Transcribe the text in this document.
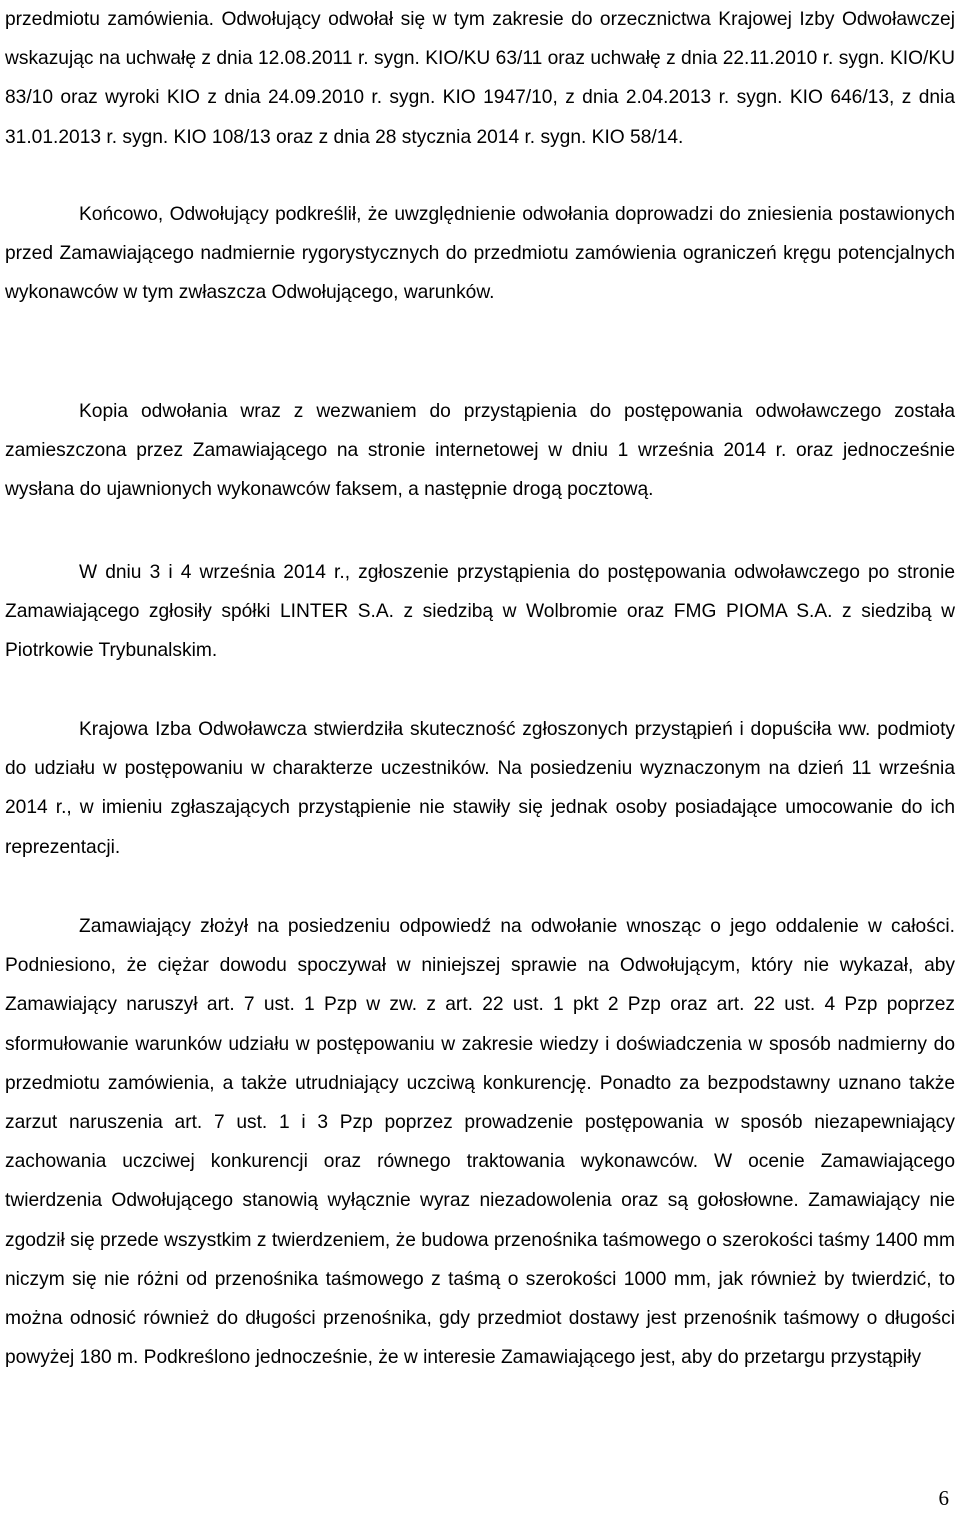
przedmiotu zamówienia. Odwołujący odwołał się w tym zakresie do orzecznictwa Krajowej Izby Odwoławczej wskazując na uchwałę z dnia 12.08.2011 r. sygn. KIO/KU 63/11 oraz uchwałę z dnia 22.11.2010 r. sygn. KIO/KU 83/10 oraz wyroki KIO z dnia 24.09.2010 r. sygn. KIO 1947/10, z dnia 2.04.2013 r. sygn. KIO 646/13, z dnia 31.01.2013 r. sygn. KIO 108/13 oraz z dnia 28 stycznia 2014 r. sygn. KIO 58/14.

Końcowo, Odwołujący podkreślił, że uwzględnienie odwołania doprowadzi do zniesienia postawionych przed Zamawiającego nadmiernie rygorystycznych do przedmiotu zamówienia ograniczeń kręgu potencjalnych wykonawców w tym zwłaszcza Odwołującego, warunków.

Kopia odwołania wraz z wezwaniem do przystąpienia do postępowania odwoławczego została zamieszczona przez Zamawiającego na stronie internetowej w dniu 1 września 2014 r. oraz jednocześnie wysłana do ujawnionych wykonawców faksem, a następnie drogą pocztową.

W dniu 3 i 4 września 2014 r., zgłoszenie przystąpienia do postępowania odwoławczego po stronie Zamawiającego zgłosiły spółki LINTER S.A. z siedzibą w Wolbromie oraz FMG PIOMA S.A. z siedzibą w Piotrkowie Trybunalskim.

Krajowa Izba Odwoławcza stwierdziła skuteczność zgłoszonych przystąpień i dopuściła ww. podmioty do udziału w postępowaniu w charakterze uczestników. Na posiedzeniu wyznaczonym na dzień 11 września 2014 r., w imieniu zgłaszających przystąpienie nie stawiły się jednak osoby posiadające umocowanie do ich reprezentacji.

Zamawiający złożył na posiedzeniu odpowiedź na odwołanie wnosząc o jego oddalenie w całości. Podniesiono, że ciężar dowodu spoczywał w niniejszej sprawie na Odwołującym, który nie wykazał, aby Zamawiający naruszył art. 7 ust. 1 Pzp w zw. z art. 22 ust. 1 pkt 2 Pzp oraz art. 22 ust. 4 Pzp poprzez sformułowanie warunków udziału w postępowaniu w zakresie wiedzy i doświadczenia w sposób nadmierny do przedmiotu zamówienia, a także utrudniający uczciwą konkurencję. Ponadto za bezpodstawny uznano także zarzut naruszenia art. 7 ust. 1 i 3 Pzp poprzez prowadzenie postępowania w sposób niezapewniający zachowania uczciwej konkurencji oraz równego traktowania wykonawców. W ocenie Zamawiającego twierdzenia Odwołującego stanowią wyłącznie wyraz niezadowolenia oraz są gołosłowne. Zamawiający nie zgodził się przede wszystkim z twierdzeniem, że budowa przenośnika taśmowego o szerokości taśmy 1400 mm niczym się nie różni od przenośnika taśmowego z taśmą o szerokości 1000 mm, jak również by twierdzić, to można odnosić również do długości przenośnika, gdy przedmiot dostawy jest przenośnik taśmowy o długości powyżej 180 m. Podkreślono jednocześnie, że w interesie Zamawiającego jest, aby do przetargu przystąpiły

6
